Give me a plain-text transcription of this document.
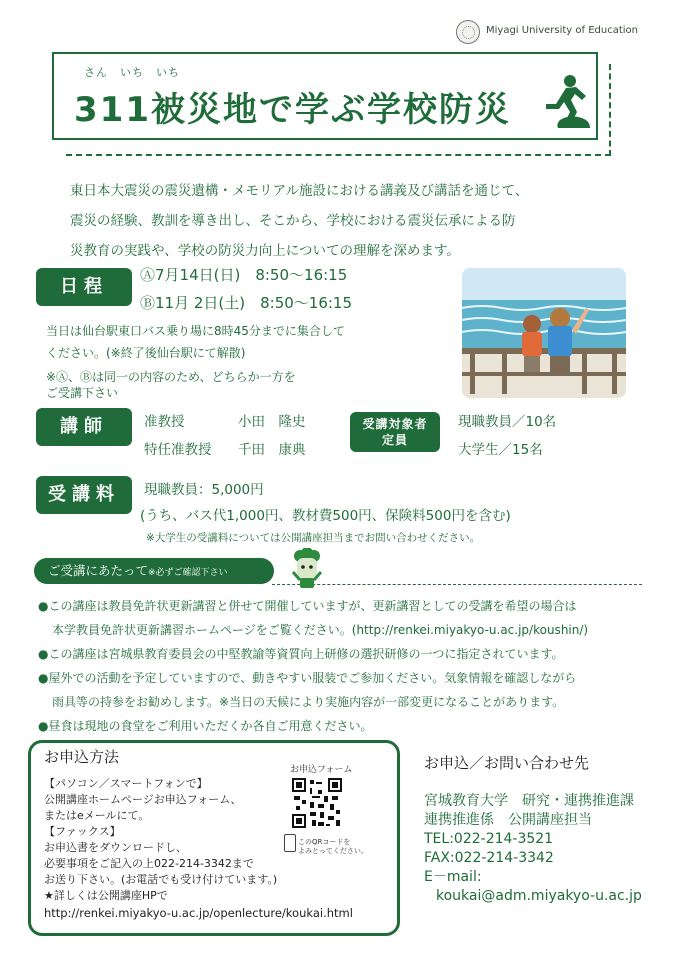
Miyagi University of Education
さん　いち　いち
311被災地で学ぶ学校防災
東日本大震災の震災遺構・メモリアル施設における講義及び講話を通じて、
震災の経験、教訓を導き出し、そこから、学校における震災伝承による防
災教育の実践や、学校の防災力向上についての理解を深めます。
日程
Ⓐ7月14日(日)　8:50～16:15
Ⓑ11月 2日(土)　8:50～16:15
当日は仙台駅東口バス乗り場に8時45分までに集合して
ください。(※終了後仙台駅にて解散)
※Ⓐ、Ⓑは同一の内容のため、どちらか一方を
ご受講下さい
講師	准教授	小田　隆史
特任准教授 千田　康典
受講対象者
定員
現職教員／10名
大学生／15名
受講料	現職教員：5,000円
(うち、バス代1,000円、教材費500円、保険料500円を含む)
※大学生の受講料については公開講座担当までお問い合わせください。
ご受講にあたって※必ずご確認下さい
●この講座は教員免許状更新講習と併せて開催していますが、更新講習としての受講を希望の場合は
本学教員免許状更新講習ホームページをご覧ください。(http://renkei.miyakyo-u.ac.jp/koushin/)
●この講座は宮城県教育委員会の中堅教諭等資質向上研修の選択研修の一つに指定されています。
●屋外での活動を予定していますので、動きやすい服装でご参加ください。気象情報を確認しながら
雨具等の持参をお勧めします。※当日の天候により実施内容が一部変更になることがあります。
●昼食は現地の食堂をご利用いただくか各自ご用意ください。
お申込方法
【パソコン／スマートフォンで】
公開講座ホームページお申込フォーム、
またはeメールにて。
【ファックス】
お申込書をダウンロードし、
必要事項をご記入の上022-214-3342まで
お送り下さい。(お電話でも受け付けています。)
★詳しくは公開講座HPで
http://renkei.miyakyo-u.ac.jp/openlecture/koukai.html
お申込フォーム
このQRコードを
よみとってください。
お申込／お問い合わせ先
宮城教育大学　研究・連携推進課
連携推進係　公開講座担当
TEL:022-214-3521
FAX:022-214-3342
E－mail:
koukai@adm.miyakyo-u.ac.jp
